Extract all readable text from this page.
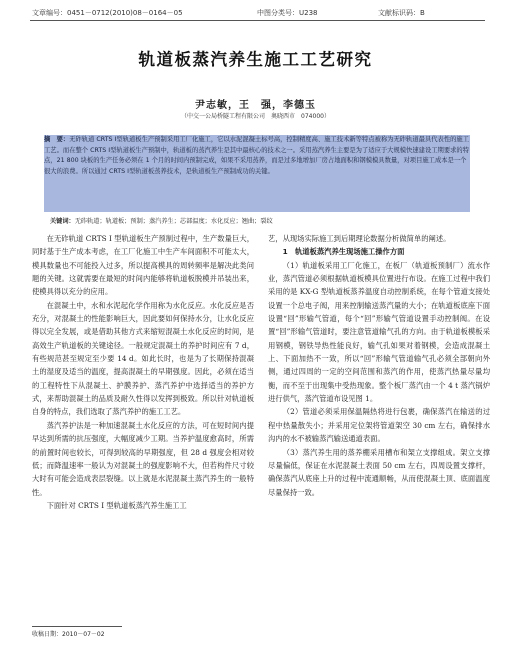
文章编号：0451－0712(2010)08－0164－05	中图分类号：U238	文献标识码：B
轨道板蒸汽养生施工工艺研究
尹志敏，王　强，李德玉
（中交一公局桥隧工程有限公司　奥晓西市　074000）
摘　要：无砟轨道 CRTS Ⅰ型轨道板生产预制采用工厂化施工，它以水泥混凝土标号高，控制精度高、施工技术新等特点被称为无砟轨道最具代表性的施工工艺。而在整个 CRTS Ⅰ型轨道板生产预制中，轨道板的蒸汽养生是其中最核心的技术之一。采用蒸汽养生主要是为了适应于大规模快速建设工期要求的特点，21 800 块板的生产任务必须在 1 个月的时间内预制完成，如果不采用蒸养，而是过多地增加厂房占地面积和钢模模具数量，对项目施工成本是一个很大的浪费。所以通过 CRTS Ⅰ型轨道板蒸养技术，是轨道板生产预制成功的关键。
关键词：无砟轨道；轨道板；预制；蒸汽养生；芯部温度；水化反应；翘曲；裂纹

在无砟轨道 CRTS Ⅰ 型轨道板生产预制过程中，生产数量巨大，同时基于生产成本考虑，在工厂化施工中生产车间面积不可能太大，模具数量也不可能投入过多，所以提高模具的周转频率是解决此类问题的关键。这就需要在最短的时间内能够将轨道板脱模并吊装出来，使模具得以充分的应用。

在混凝土中，水和水泥起化学作用称为水化反应。水化反应是否充分，对混凝土的性能影响巨大，因此要如何保持水分，让水化反应得以完全发展，或是借助其他方式来缩短混凝土水化反应的时间，是高效生产轨道板的关键途径。一般规定混凝土的养护时间应有 7 d，有些规范甚至规定至少要 14 d。如此长时，也是为了长期保持混凝土的湿度及适当的温度，提高混凝土的早期强度。因此，必须在适当的工程特性下从混凝土、护膜养护、蒸汽养护中选择适当的养护方式，来帮助混凝土的品质及耐久性得以发挥到极致。所以针对轨道板自身的特点，我们选取了蒸汽养护的施工工艺。

蒸汽养护法是一种加速混凝土水化反应的方法，可在短时间内提早达到所需的抗压强度，大幅度减少工期。当养护温度愈高时，所需的前置时间也较长，可得到较高的早期强度，但 28 d 强度会相对较低；而降温速率一般认为对混凝土的强度影响不大，但若构件尺寸较大时有可能会造成表层裂缝。以上就是水泥混凝土蒸汽养生的一般特性。

下面针对 CRTS Ⅰ 型轨道板蒸汽养生施工工

艺，从现场实际施工到后期理论数据分析做简单的阐述。

1　轨道板蒸汽养生现场施工操作方面

（1）轨道板采用工厂化施工，在板厂（轨道板预制厂）流水作业，蒸汽管道必须根据轨道板模具位置进行布设。在施工过程中我们采用的是 KX-G 型轨道板蒸养温度自动控制系统，在每个管道支接处设置一个总电子阀，用来控制输送蒸汽量的大小；在轨道板底座下面设置“回”形输气管道，每个“回”形输气管道设置手动控制阀。在设置“回”形输气管道时，要注意管道输气孔的方向。由于轨道板模板采用钢模，钢铁导热性能良好，输气孔如果对着钢模，会造成混凝土上、下面加热不一致，所以“回”形输气管道输气孔必须全部朝向外侧，通过四周的一定的空间范围和蒸汽的作用，使蒸汽热量尽量均衡，而不至于出现集中受热现象。整个板厂蒸汽由一个 4 t 蒸汽锅炉进行供气，蒸汽管道布设见图 1。

（2）管道必须采用保温隔热将进行包裹，确保蒸汽在输送的过程中热量散失小；并采用定位架将管道架空 30 cm 左右，确保排水沟内的水不被输蒸汽输送通道表面。

（3）蒸汽养生用的蒸养棚采用槽布和架立支撑组成。架立支撑尽量偏低，保证在水泥混凝土表面 50 cm 左右，四周设置支撑杆，确保蒸汽从底座上升的过程中流通顺畅，从而使混凝土顶、底面温度尽量保持一致。

收稿日期：2010－07－02
